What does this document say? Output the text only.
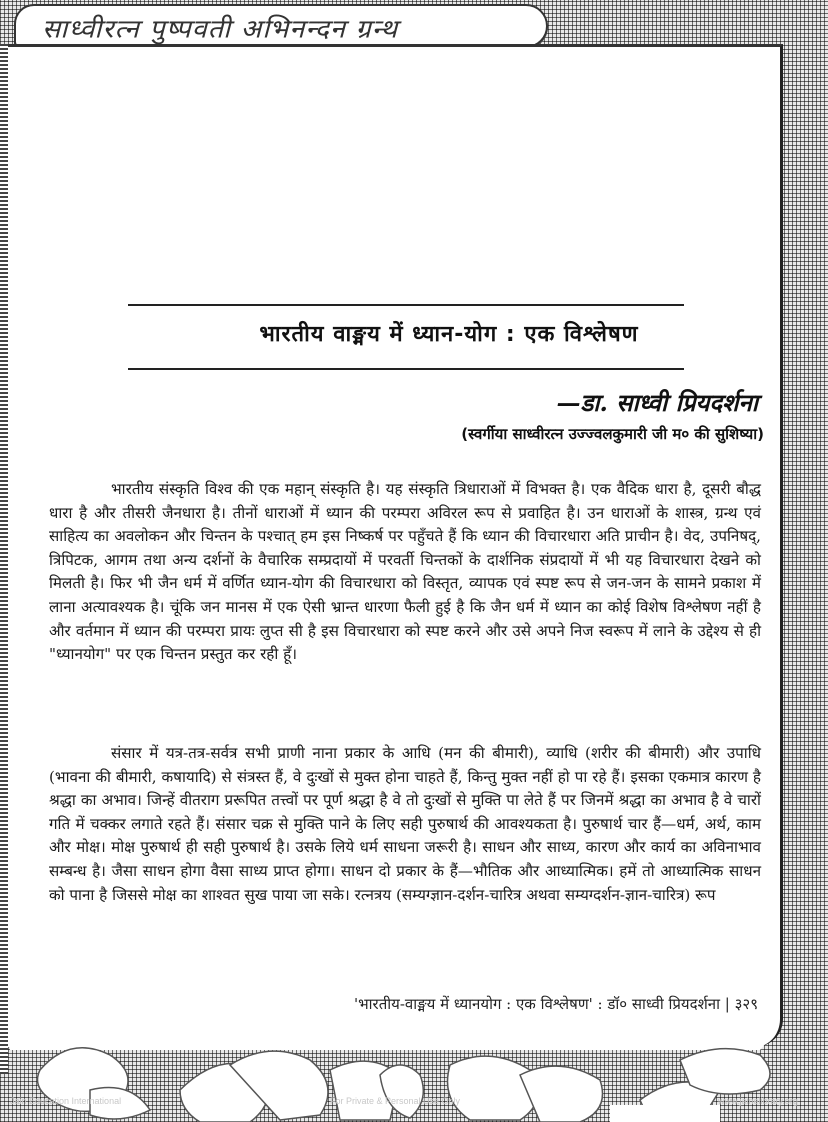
साध्वीरत्न पुष्पवती अभिनन्दन ग्रन्थ
भारतीय वाङ्मय में ध्यान-योग : एक विश्लेषण
—डा. साध्वी प्रियदर्शना
(स्वर्गीया साध्वीरत्न उज्ज्वलकुमारी जी म० की सुशिष्या)

भारतीय संस्कृति विश्व की एक महान् संस्कृति है। यह संस्कृति त्रिधाराओं में विभक्त है। एक वैदिक धारा है, दूसरी बौद्ध धारा है और तीसरी जैनधारा है। तीनों धाराओं में ध्यान की परम्परा अविरल रूप से प्रवाहित है। उन धाराओं के शास्त्र, ग्रन्थ एवं साहित्य का अवलोकन और चिन्तन के पश्चात् हम इस निष्कर्ष पर पहुँचते हैं कि ध्यान की विचारधारा अति प्राचीन है। वेद, उपनिषद्, त्रिपिटक, आगम तथा अन्य दर्शनों के वैचारिक सम्प्रदायों में परवर्ती चिन्तकों के दार्शनिक संप्रदायों में भी यह विचारधारा देखने को मिलती है। फिर भी जैन धर्म में वर्णित ध्यान-योग की विचारधारा को विस्तृत, व्यापक एवं स्पष्ट रूप से जन-जन के सामने प्रकाश में लाना अत्यावश्यक है। चूंकि जन मानस में एक ऐसी भ्रान्त धारणा फैली हुई है कि जैन धर्म में ध्यान का कोई विशेष विश्लेषण नहीं है और वर्तमान में ध्यान की परम्परा प्रायः लुप्त सी है इस विचारधारा को स्पष्ट करने और उसे अपने निज स्वरूप में लाने के उद्देश्य से ही "ध्यानयोग" पर एक चिन्तन प्रस्तुत कर रही हूँ।

संसार में यत्र-तत्र-सर्वत्र सभी प्राणी नाना प्रकार के आधि (मन की बीमारी), व्याधि (शरीर की बीमारी) और उपाधि (भावना की बीमारी, कषायादि) से संत्रस्त हैं, वे दुःखों से मुक्त होना चाहते हैं, किन्तु मुक्त नहीं हो पा रहे हैं। इसका एकमात्र कारण है श्रद्धा का अभाव। जिन्हें वीतराग प्ररूपित तत्त्वों पर पूर्ण श्रद्धा है वे तो दुःखों से मुक्ति पा लेते हैं पर जिनमें श्रद्धा का अभाव है वे चारों गति में चक्कर लगाते रहते हैं। संसार चक्र से मुक्ति पाने के लिए सही पुरुषार्थ की आवश्यकता है। पुरुषार्थ चार हैं—धर्म, अर्थ, काम और मोक्ष। मोक्ष पुरुषार्थ ही सही पुरुषार्थ है। उसके लिये धर्म साधना जरूरी है। साधन और साध्य, कारण और कार्य का अविनाभाव सम्बन्ध है। जैसा साधन होगा वैसा साध्य प्राप्त होगा। साधन दो प्रकार के हैं—भौतिक और आध्यात्मिक। हमें तो आध्यात्मिक साधन को पाना है जिससे मोक्ष का शाश्वत सुख पाया जा सके। रत्नत्रय (सम्यग्ज्ञान-दर्शन-चारित्र अथवा सम्यग्दर्शन-ज्ञान-चारित्र) रूप

'भारतीय-वाङ्मय में ध्यानयोग : एक विश्लेषण' : डॉ० साध्वी प्रियदर्शना | ३२९
Jain Education International	For Private & Personal Use Only	www.jainelibrary.org
